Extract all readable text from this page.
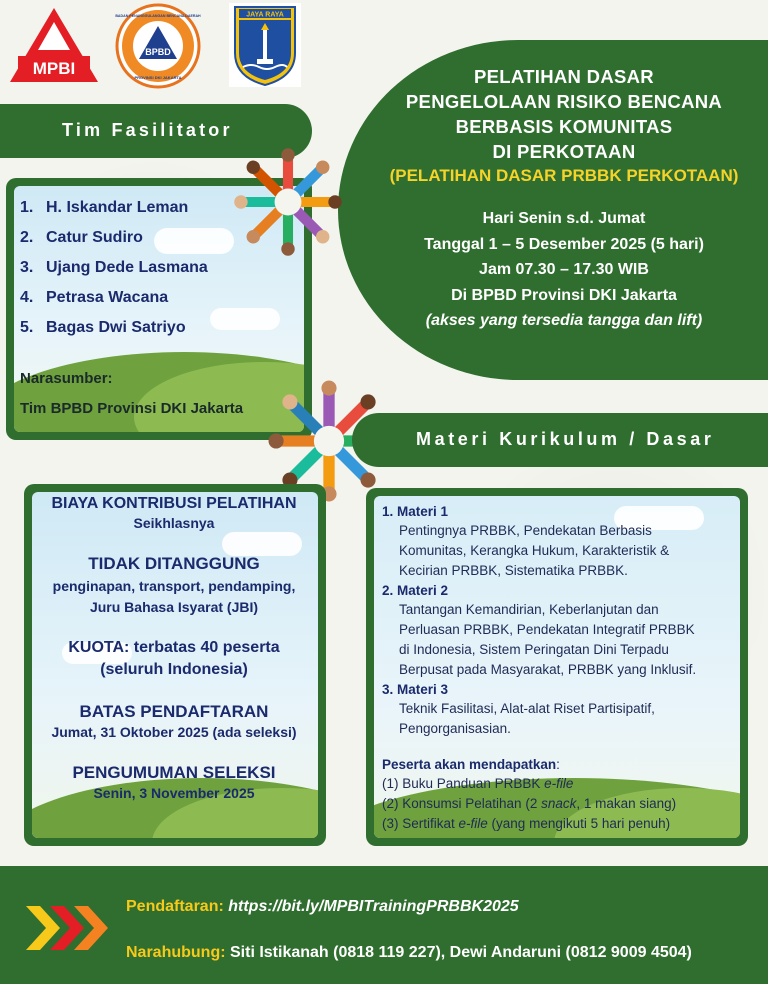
MPBI
BPBD
BADAN PENANGGULANGAN BENCANA DAERAH
PROVINSI DKI JAKARTA
JAYA RAYA
PELATIHAN DASAR
PENGELOLAAN RISIKO BENCANA
BERBASIS KOMUNITAS
DI PERKOTAAN
(PELATIHAN DASAR PRBBK PERKOTAAN)
Hari Senin s.d. Jumat
Tanggal 1 – 5 Desember 2025 (5 hari)
Jam 07.30 – 17.30 WIB
Di BPBD Provinsi DKI Jakarta
(akses yang tersedia tangga dan lift)
Tim Fasilitator
1. H. Iskandar Leman
2. Catur Sudiro
3. Ujang Dede Lasmana
4. Petrasa Wacana
5. Bagas Dwi Satriyo
Narasumber:
Tim BPBD Provinsi DKI Jakarta
Materi Kurikulum / Dasar
BIAYA KONTRIBUSI PELATIHAN
Seikhlasnya
TIDAK DITANGGUNG
penginapan, transport, pendamping,
Juru Bahasa Isyarat (JBI)
KUOTA: terbatas 40 peserta
(seluruh Indonesia)
BATAS PENDAFTARAN
Jumat, 31 Oktober 2025 (ada seleksi)
PENGUMUMAN SELEKSI
Senin, 3 November 2025
1. Materi 1
Pentingnya PRBBK, Pendekatan Berbasis
Komunitas, Kerangka Hukum, Karakteristik &
Kecirian PRBBK, Sistematika PRBBK.
2. Materi 2
Tantangan Kemandirian, Keberlanjutan dan
Perluasan PRBBK, Pendekatan Integratif PRBBK
di Indonesia, Sistem Peringatan Dini Terpadu
Berpusat pada Masyarakat, PRBBK yang Inklusif.
3. Materi 3
Teknik Fasilitasi, Alat-alat Riset Partisipatif,
Pengorganisasian.
Peserta akan mendapatkan:
(1) Buku Panduan PRBBK e-file
(2) Konsumsi Pelatihan (2 snack, 1 makan siang)
(3) Sertifikat e-file (yang mengikuti 5 hari penuh)
Pendaftaran: https://bit.ly/MPBITrainingPRBBK2025
Narahubung: Siti Istikanah (0818 119 227), Dewi Andaruni (0812 9009 4504)
